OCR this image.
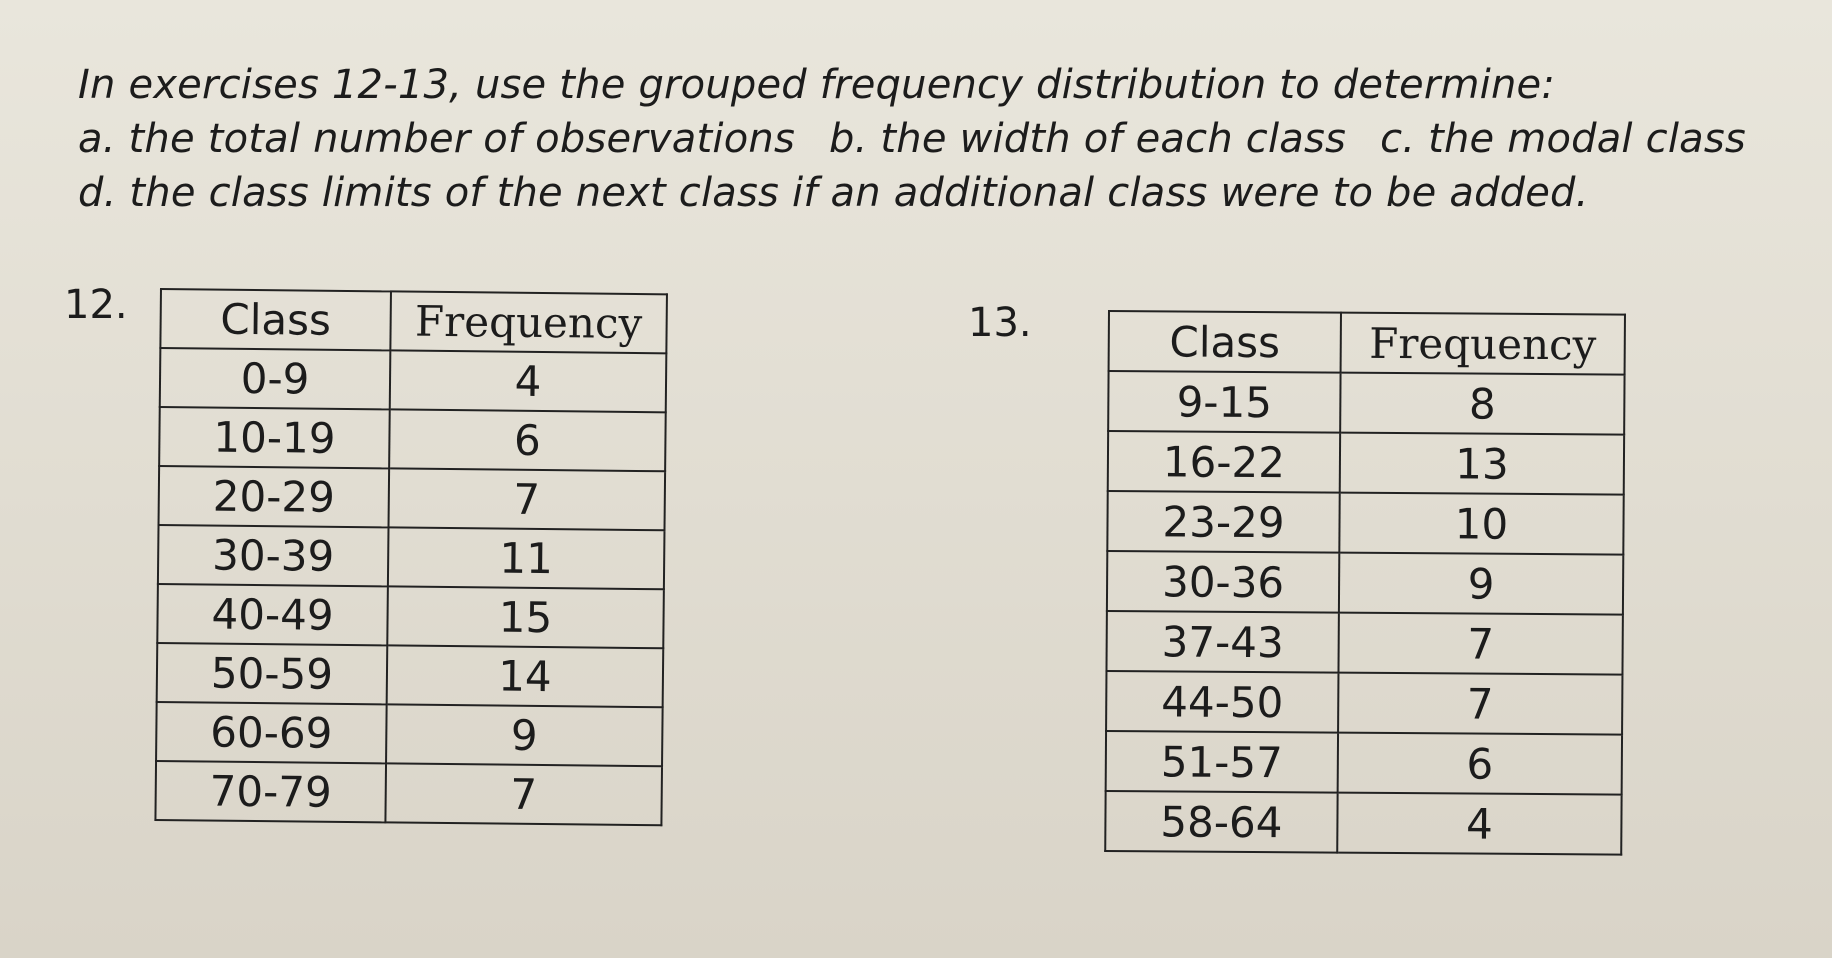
In exercises 12-13, use the grouped frequency distribution to determine:
a. the total number of observations b. the width of each class c. the modal class
d. the class limits of the next class if an additional class were to be added.
12. Class	Frequency
0-9	4
10-19	6
20-29	7
30-39	11
40-49	15
50-59	14
60-69	9
70-79	7
13.	Class	Frequency
9-15	8
16-22	13
23-29	10
30-36	9
37-43	7
44-50	7
51-57	6
58-64	4
